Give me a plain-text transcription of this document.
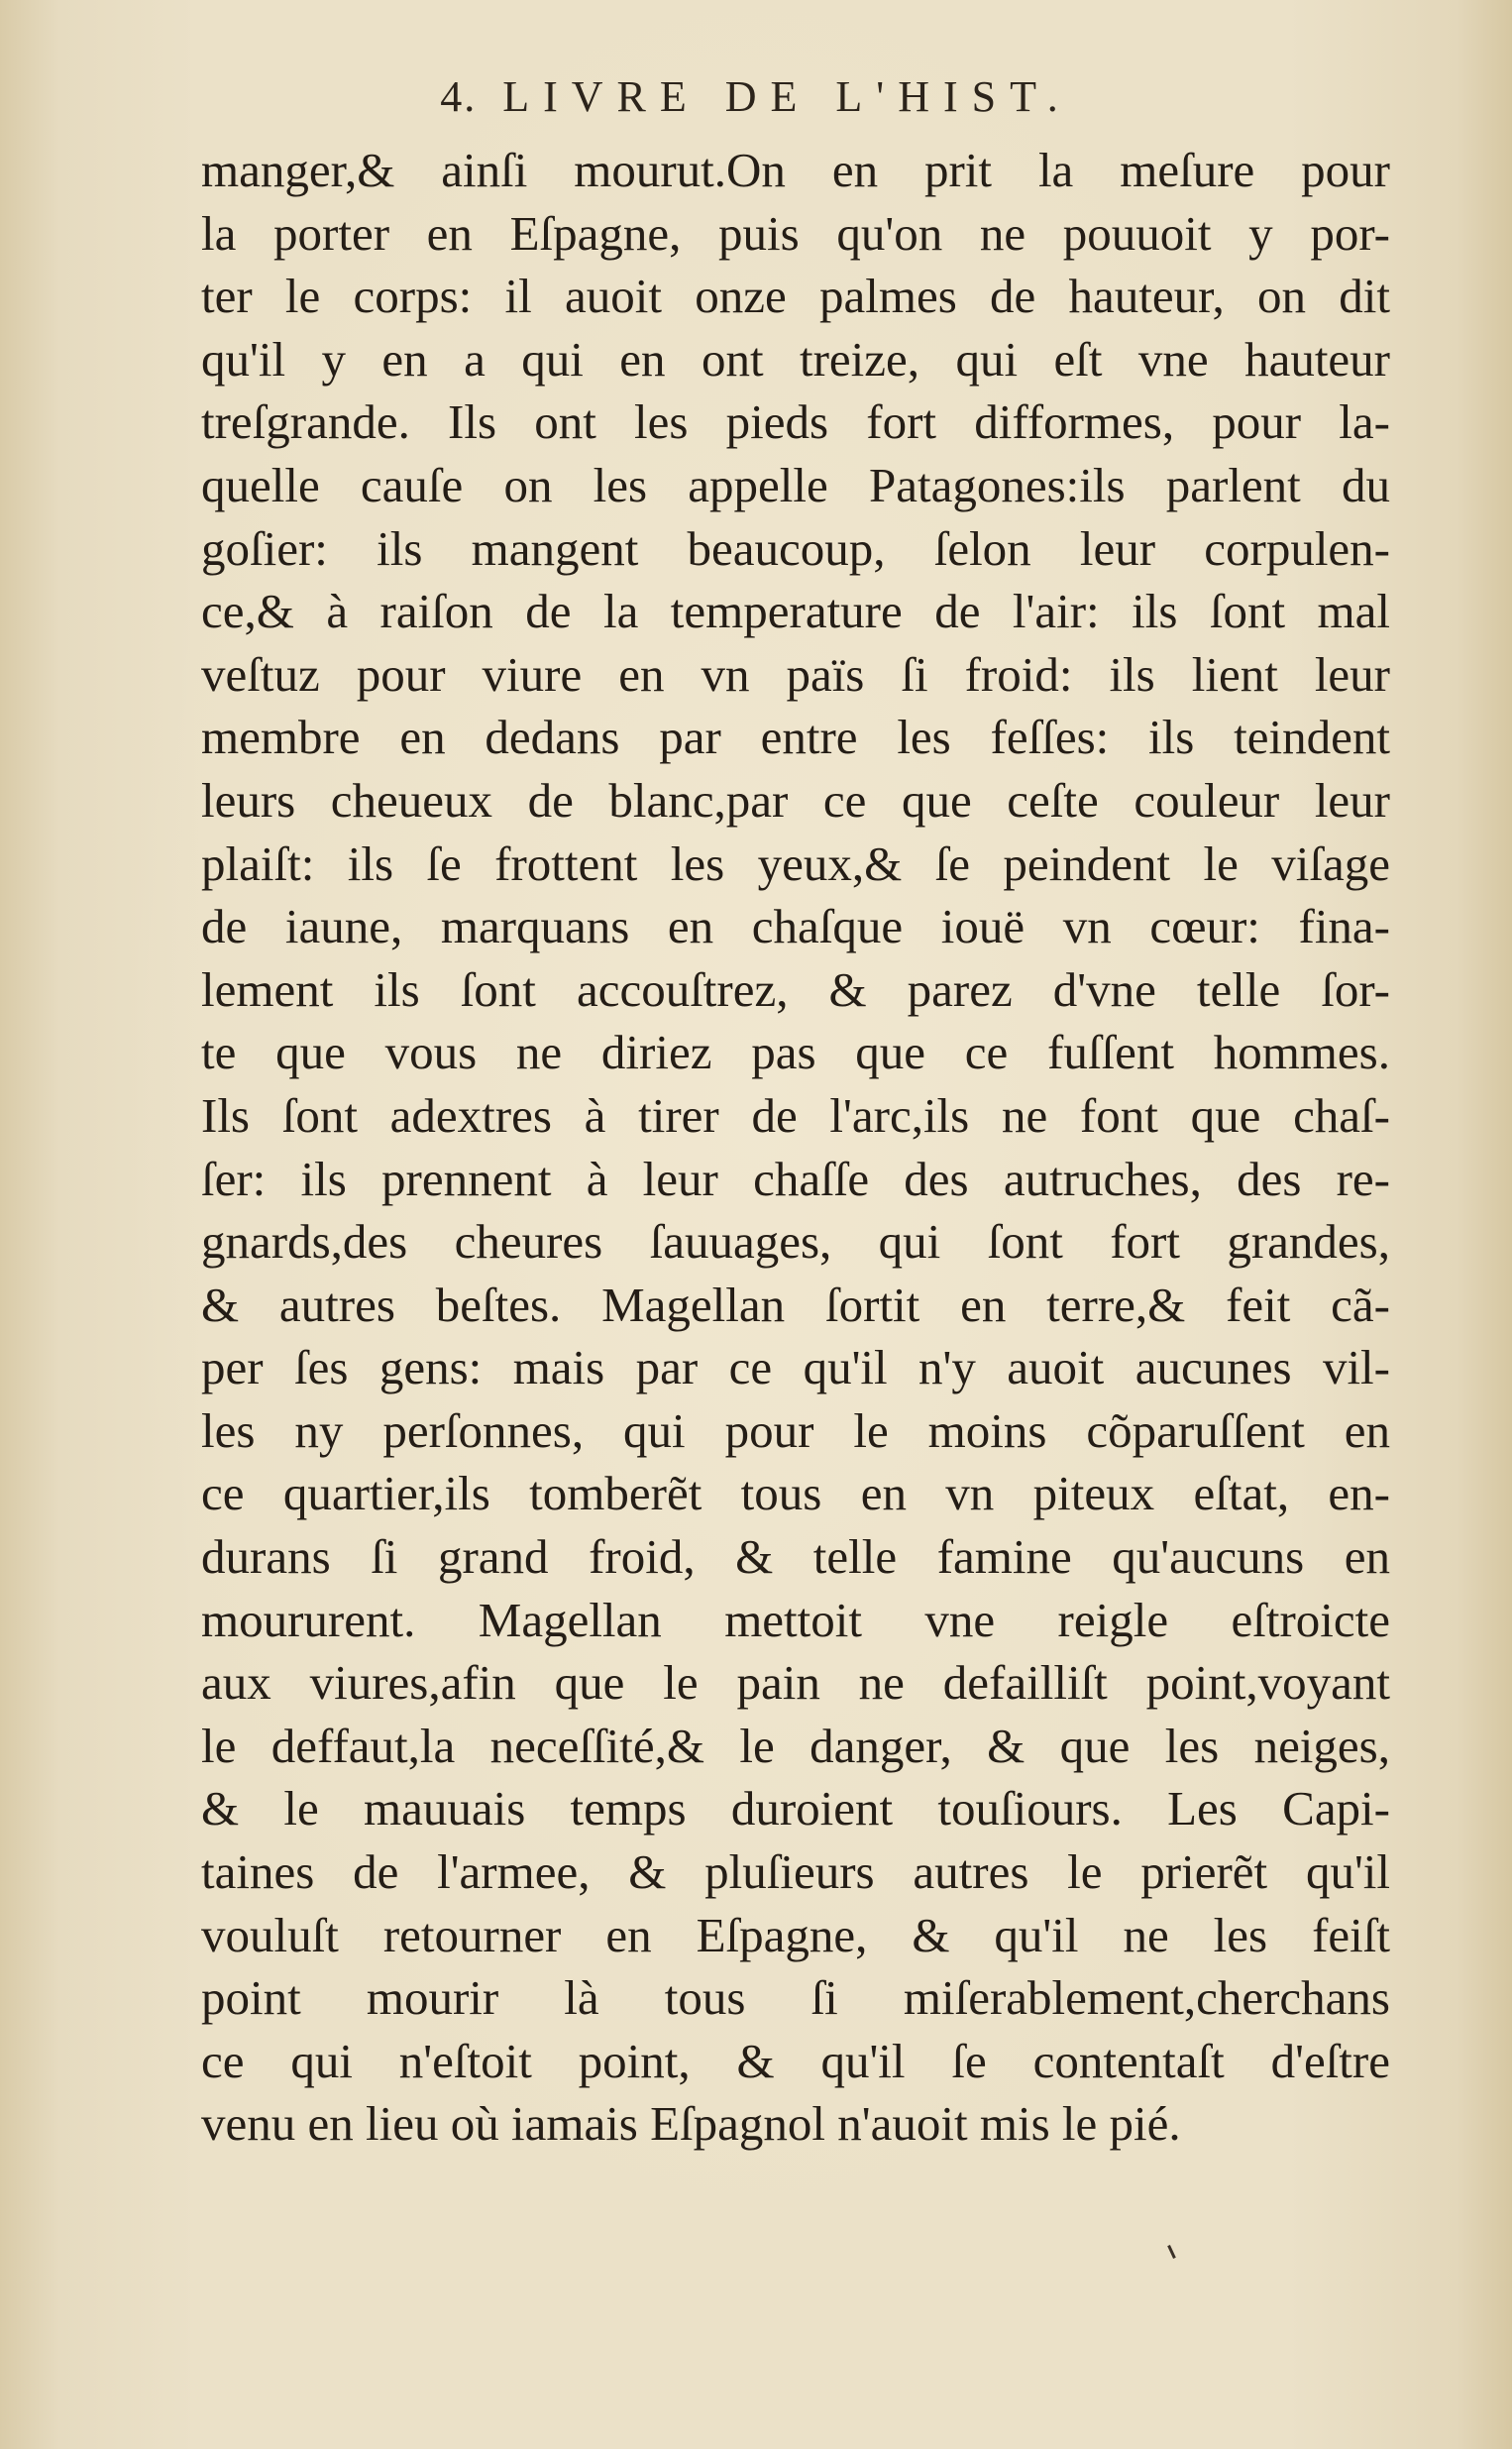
4. LIVRE DE L'HIST.
manger,& ainſi mourut.On en prit la meſure pour
la porter en Eſpagne, puis qu'on ne pouuoit y por-
ter le corps: il auoit onze palmes de hauteur, on dit
qu'il y en a qui en ont treize, qui eſt vne hauteur
treſgrande. Ils ont les pieds fort difformes, pour la-
quelle cauſe on les appelle Patagones:ils parlent du
goſier: ils mangent beaucoup, ſelon leur corpulen-
ce,& à raiſon de la temperature de l'air: ils ſont mal
veſtuz pour viure en vn païs ſi froid: ils lient leur
membre en dedans par entre les feſſes: ils teindent
leurs cheueux de blanc,par ce que ceſte couleur leur
plaiſt: ils ſe frottent les yeux,& ſe peindent le viſage
de iaune, marquans en chaſque iouë vn cœur: fina-
lement ils ſont accouſtrez, & parez d'vne telle ſor-
te que vous ne diriez pas que ce fuſſent hommes.
Ils ſont adextres à tirer de l'arc,ils ne font que chaſ-
ſer: ils prennent à leur chaſſe des autruches, des re-
gnards,des cheures ſauuages, qui ſont fort grandes,
& autres beſtes. Magellan ſortit en terre,& feit cã-
per ſes gens: mais par ce qu'il n'y auoit aucunes vil-
les ny perſonnes, qui pour le moins cõparuſſent en
ce quartier,ils tomberẽt tous en vn piteux eſtat, en-
durans ſi grand froid, & telle famine qu'aucuns en
moururent. Magellan mettoit vne reigle eſtroicte
aux viures,afin que le pain ne defailliſt point,voyant
le deffaut,la neceſſité,& le danger, & que les neiges,
& le mauuais temps duroient touſiours. Les Capi-
taines de l'armee, & pluſieurs autres le prierẽt qu'il
vouluſt retourner en Eſpagne, & qu'il ne les feiſt
point mourir là tous ſi miſerablement,cherchans
ce qui n'eſtoit point, & qu'il ſe contentaſt d'eſtre
venu en lieu où iamais Eſpagnol n'auoit mis le pié.
